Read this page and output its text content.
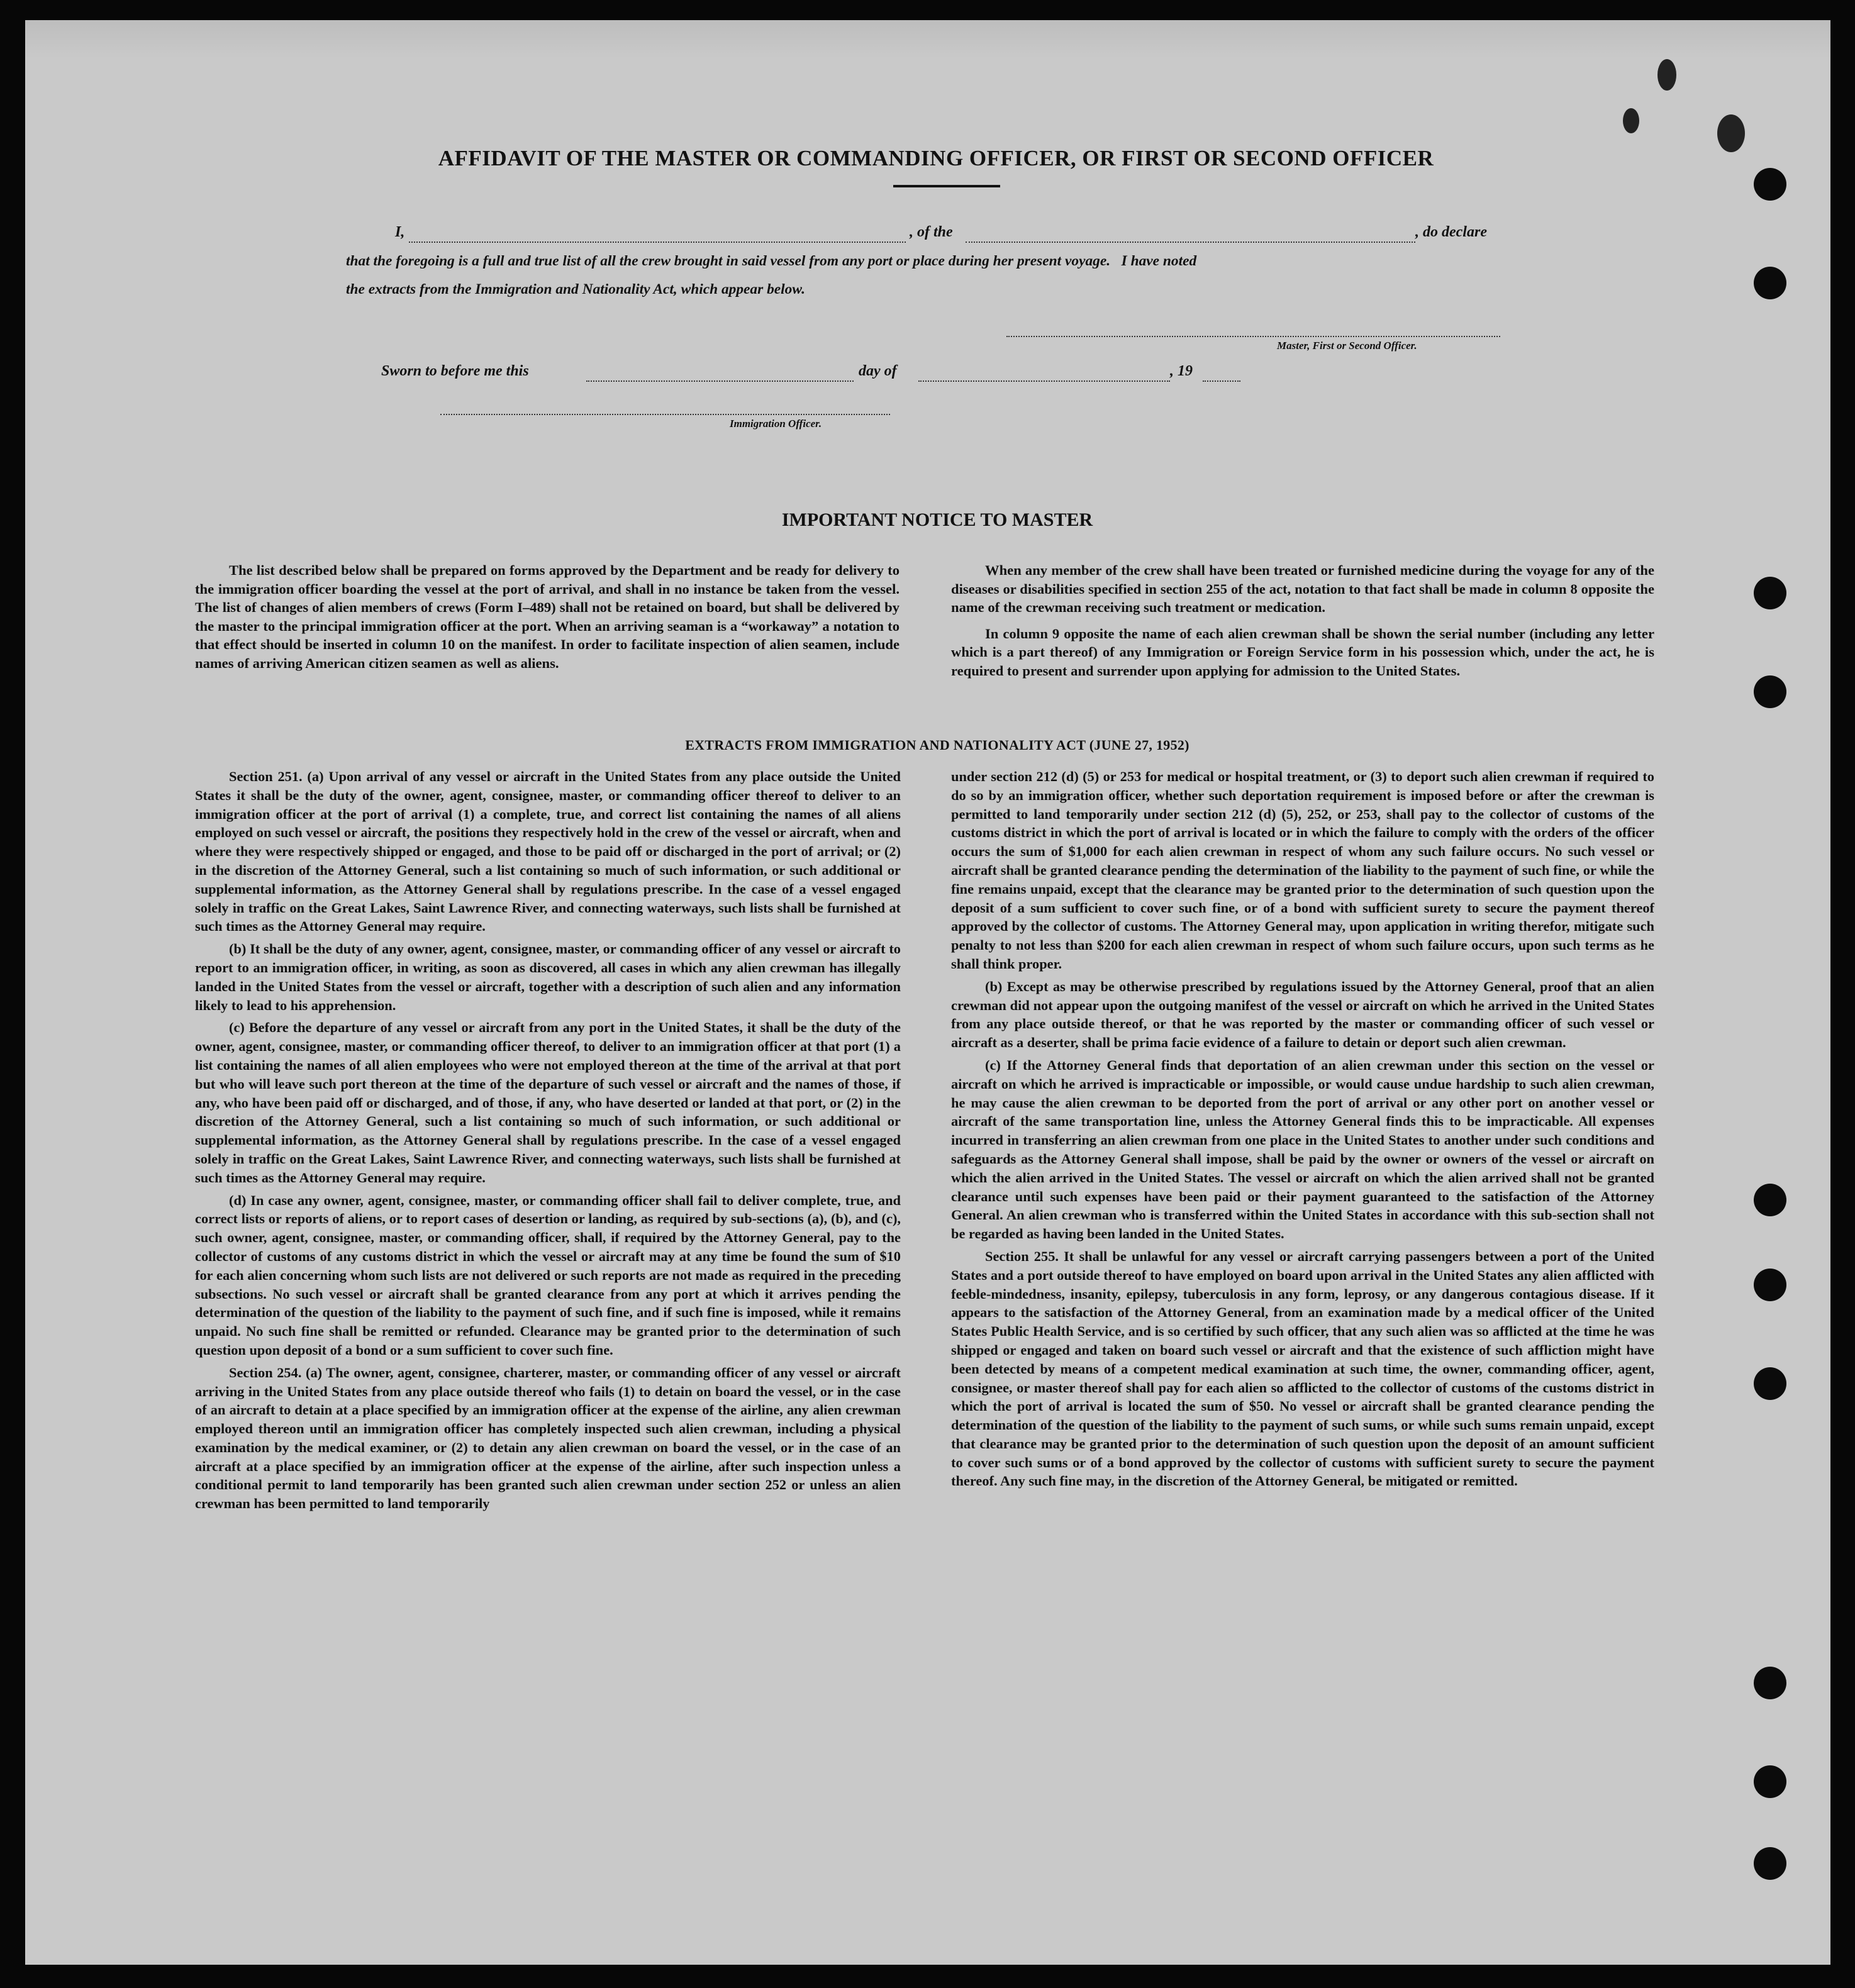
AFFIDAVIT OF THE MASTER OR COMMANDING OFFICER, OR FIRST OR SECOND OFFICER
I,	, of the	, do declare
that the foregoing is a full and true list of all the crew brought in said vessel from any port or place during her present voyage.   I have noted
the extracts from the Immigration and Nationality Act, which appear below.
Master, First or Second Officer.
Sworn to before me this	day of	, 19
Immigration Officer.
IMPORTANT NOTICE TO MASTER

The list described below shall be prepared on forms approved by the Department and be ready for delivery to the immigration officer boarding the vessel at the port of arrival, and shall in no instance be taken from the vessel. The list of changes of alien members of crews (Form I–489) shall not be retained on board, but shall be delivered by the master to the principal immigration officer at the port. When an arriving seaman is a “workaway” a notation to that effect should be inserted in column 10 on the manifest. In order to facilitate inspection of alien seamen, include names of arriving American citizen seamen as well as aliens.

When any member of the crew shall have been treated or furnished medicine during the voyage for any of the diseases or disabilities specified in section 255 of the act, notation to that fact shall be made in column 8 opposite the name of the crewman receiving such treatment or medication.

In column 9 opposite the name of each alien crewman shall be shown the serial number (including any letter which is a part thereof) of any Immigration or Foreign Service form in his possession which, under the act, he is required to present and surrender upon applying for admission to the United States.

EXTRACTS FROM IMMIGRATION AND NATIONALITY ACT (JUNE 27, 1952)

Section 251. (a) Upon arrival of any vessel or aircraft in the United States from any place outside the United States it shall be the duty of the owner, agent, consignee, master, or commanding officer thereof to deliver to an immigration officer at the port of arrival (1) a complete, true, and correct list containing the names of all aliens employed on such vessel or aircraft, the positions they respectively hold in the crew of the vessel or aircraft, when and where they were respectively shipped or engaged, and those to be paid off or discharged in the port of arrival; or (2) in the discretion of the Attorney General, such a list containing so much of such information, or such additional or supplemental information, as the Attorney General shall by regulations prescribe. In the case of a vessel engaged solely in traffic on the Great Lakes, Saint Lawrence River, and connecting waterways, such lists shall be furnished at such times as the Attorney General may require.

(b) It shall be the duty of any owner, agent, consignee, master, or commanding officer of any vessel or aircraft to report to an immigration officer, in writing, as soon as discovered, all cases in which any alien crewman has illegally landed in the United States from the vessel or aircraft, together with a description of such alien and any information likely to lead to his apprehension.

(c) Before the departure of any vessel or aircraft from any port in the United States, it shall be the duty of the owner, agent, consignee, master, or commanding officer thereof, to deliver to an immigration officer at that port (1) a list containing the names of all alien employees who were not employed thereon at the time of the arrival at that port but who will leave such port thereon at the time of the departure of such vessel or aircraft and the names of those, if any, who have been paid off or discharged, and of those, if any, who have deserted or landed at that port, or (2) in the discretion of the Attorney General, such a list containing so much of such information, or such additional or supplemental information, as the Attorney General shall by regulations prescribe. In the case of a vessel engaged solely in traffic on the Great Lakes, Saint Lawrence River, and connecting waterways, such lists shall be furnished at such times as the Attorney General may require.

(d) In case any owner, agent, consignee, master, or commanding officer shall fail to deliver complete, true, and correct lists or reports of aliens, or to report cases of desertion or landing, as required by sub-sections (a), (b), and (c), such owner, agent, consignee, master, or commanding officer, shall, if required by the Attorney General, pay to the collector of customs of any customs district in which the vessel or aircraft may at any time be found the sum of $10 for each alien concerning whom such lists are not delivered or such reports are not made as required in the preceding subsections. No such vessel or aircraft shall be granted clearance from any port at which it arrives pending the determination of the question of the liability to the payment of such fine, and if such fine is imposed, while it remains unpaid. No such fine shall be remitted or refunded. Clearance may be granted prior to the determination of such question upon deposit of a bond or a sum sufficient to cover such fine.

Section 254. (a) The owner, agent, consignee, charterer, master, or commanding officer of any vessel or aircraft arriving in the United States from any place outside thereof who fails (1) to detain on board the vessel, or in the case of an aircraft to detain at a place specified by an immigration officer at the expense of the airline, any alien crewman employed thereon until an immigration officer has completely inspected such alien crewman, including a physical examination by the medical examiner, or (2) to detain any alien crewman on board the vessel, or in the case of an aircraft at a place specified by an immigration officer at the expense of the airline, after such inspection unless a conditional permit to land temporarily has been granted such alien crewman under section 252 or unless an alien crewman has been permitted to land temporarily

under section 212 (d) (5) or 253 for medical or hospital treatment, or (3) to deport such alien crewman if required to do so by an immigration officer, whether such deportation requirement is imposed before or after the crewman is permitted to land temporarily under section 212 (d) (5), 252, or 253, shall pay to the collector of customs of the customs district in which the port of arrival is located or in which the failure to comply with the orders of the officer occurs the sum of $1,000 for each alien crewman in respect of whom any such failure occurs. No such vessel or aircraft shall be granted clearance pending the determination of the liability to the payment of such fine, or while the fine remains unpaid, except that the clearance may be granted prior to the determination of such question upon the deposit of a sum sufficient to cover such fine, or of a bond with sufficient surety to secure the payment thereof approved by the collector of customs. The Attorney General may, upon application in writing therefor, mitigate such penalty to not less than $200 for each alien crewman in respect of whom such failure occurs, upon such terms as he shall think proper.

(b) Except as may be otherwise prescribed by regulations issued by the Attorney General, proof that an alien crewman did not appear upon the outgoing manifest of the vessel or aircraft on which he arrived in the United States from any place outside thereof, or that he was reported by the master or commanding officer of such vessel or aircraft as a deserter, shall be prima facie evidence of a failure to detain or deport such alien crewman.

(c) If the Attorney General finds that deportation of an alien crewman under this section on the vessel or aircraft on which he arrived is impracticable or impossible, or would cause undue hardship to such alien crewman, he may cause the alien crewman to be deported from the port of arrival or any other port on another vessel or aircraft of the same transportation line, unless the Attorney General finds this to be impracticable. All expenses incurred in transferring an alien crewman from one place in the United States to another under such conditions and safeguards as the Attorney General shall impose, shall be paid by the owner or owners of the vessel or aircraft on which the alien arrived in the United States. The vessel or aircraft on which the alien arrived shall not be granted clearance until such expenses have been paid or their payment guaranteed to the satisfaction of the Attorney General. An alien crewman who is transferred within the United States in accordance with this sub-section shall not be regarded as having been landed in the United States.

Section 255. It shall be unlawful for any vessel or aircraft carrying passengers between a port of the United States and a port outside thereof to have employed on board upon arrival in the United States any alien afflicted with feeble-mindedness, insanity, epilepsy, tuberculosis in any form, leprosy, or any dangerous contagious disease. If it appears to the satisfaction of the Attorney General, from an examination made by a medical officer of the United States Public Health Service, and is so certified by such officer, that any such alien was so afflicted at the time he was shipped or engaged and taken on board such vessel or aircraft and that the existence of such affliction might have been detected by means of a competent medical examination at such time, the owner, commanding officer, agent, consignee, or master thereof shall pay for each alien so afflicted to the collector of customs of the customs district in which the port of arrival is located the sum of $50. No vessel or aircraft shall be granted clearance pending the determination of the question of the liability to the payment of such sums, or while such sums remain unpaid, except that clearance may be granted prior to the determination of such question upon the deposit of an amount sufficient to cover such sums or of a bond approved by the collector of customs with sufficient surety to secure the payment thereof. Any such fine may, in the discretion of the Attorney General, be mitigated or remitted.
